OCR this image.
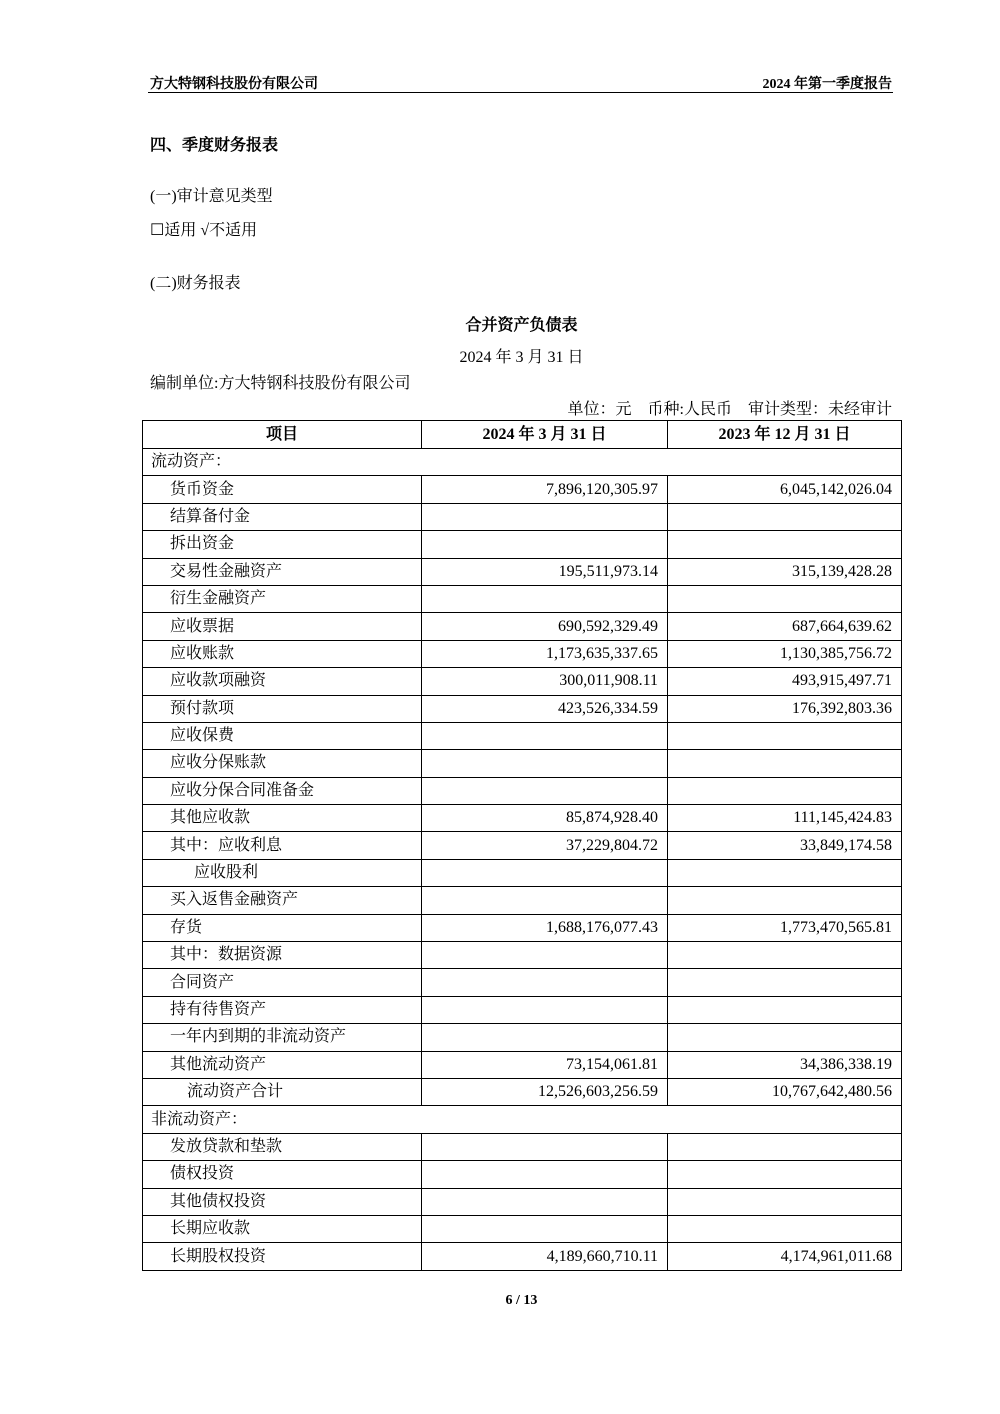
方大特钢科技股份有限公司	2024 年第一季度报告
四、季度财务报表
(一)审计意见类型
☐适用 √不适用
(二)财务报表
合并资产负债表
2024 年 3 月 31 日
编制单位:方大特钢科技股份有限公司
单位：元　币种:人民币　审计类型：未经审计
项目	2024 年 3 月 31 日	2023 年 12 月 31 日
流动资产：		
货币资金	7,896,120,305.97	6,045,142,026.04
结算备付金		
拆出资金		
交易性金融资产	195,511,973.14	315,139,428.28
衍生金融资产		
应收票据	690,592,329.49	687,664,639.62
应收账款	1,173,635,337.65	1,130,385,756.72
应收款项融资	300,011,908.11	493,915,497.71
预付款项	423,526,334.59	176,392,803.36
应收保费		
应收分保账款		
应收分保合同准备金		
其他应收款	85,874,928.40	111,145,424.83
其中：应收利息	37,229,804.72	33,849,174.58
应收股利		
买入返售金融资产		
存货	1,688,176,077.43	1,773,470,565.81
其中：数据资源		
合同资产		
持有待售资产		
一年内到期的非流动资产		
其他流动资产	73,154,061.81	34,386,338.19
流动资产合计	12,526,603,256.59	10,767,642,480.56
非流动资产：		
发放贷款和垫款		
债权投资		
其他债权投资		
长期应收款		
长期股权投资	4,189,660,710.11	4,174,961,011.68
6 / 13
